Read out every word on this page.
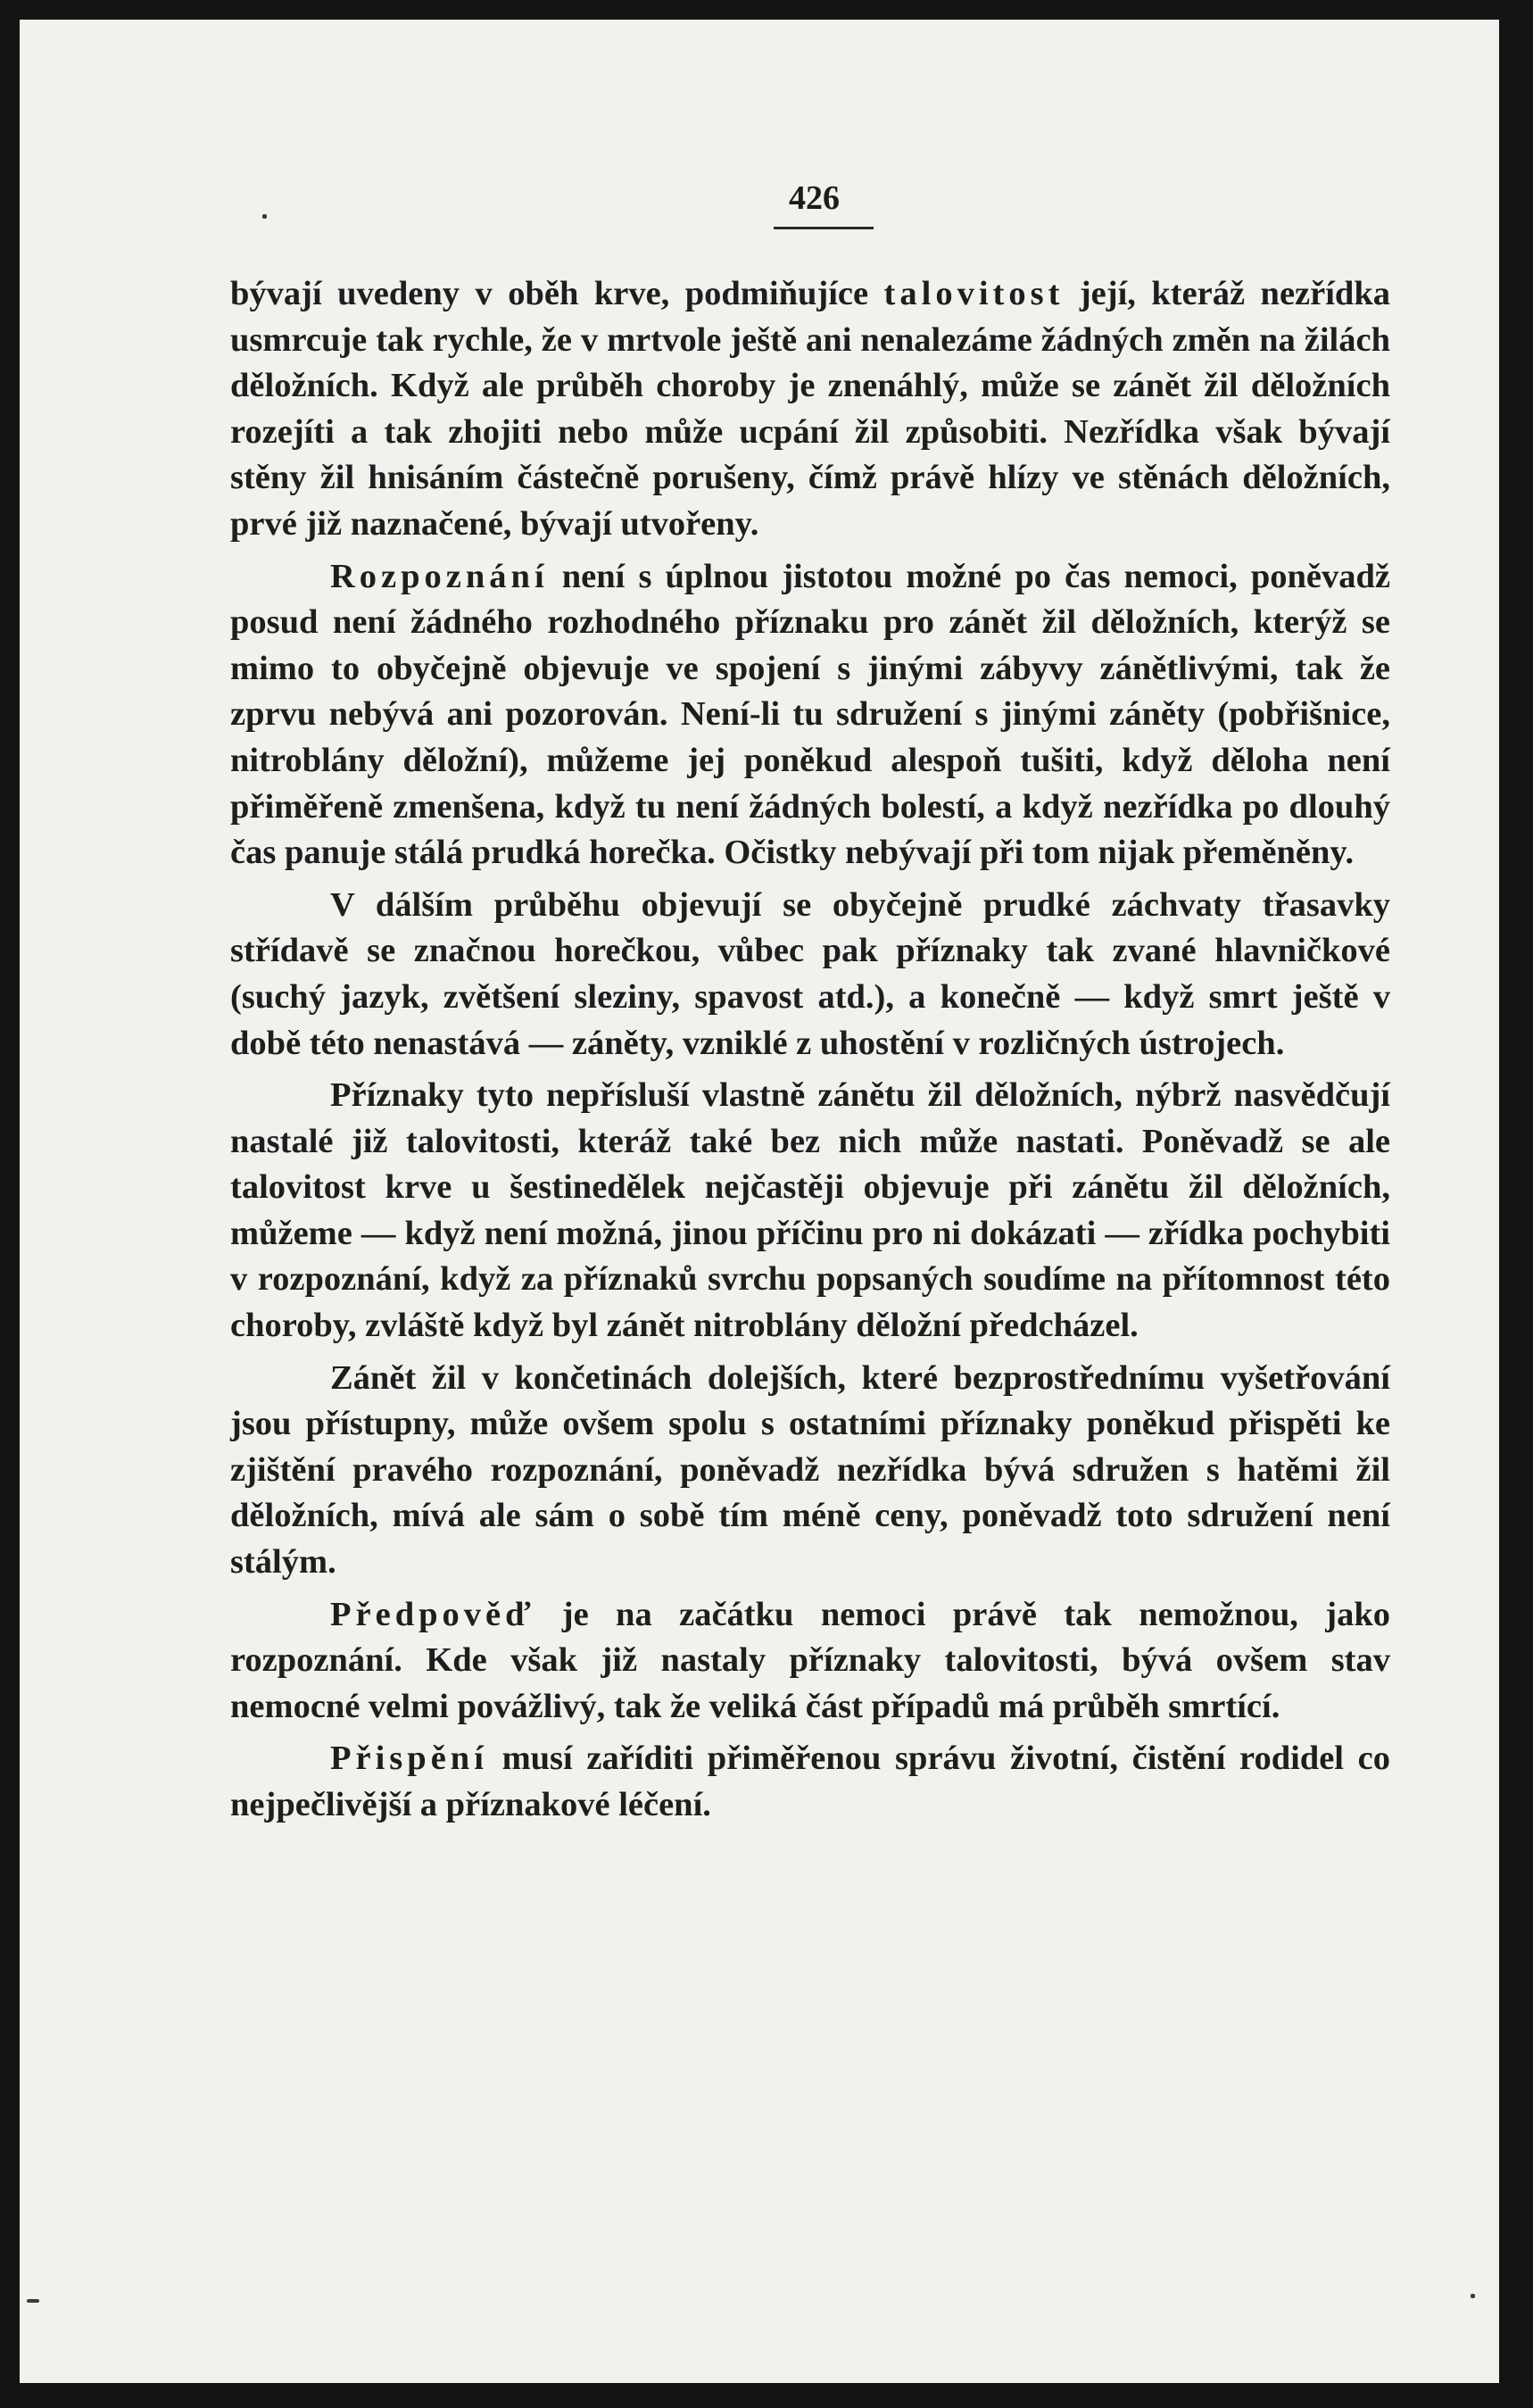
426

bývají uvedeny v oběh krve, podmiňujíce talovitost její, kteráž nezřídka usmrcuje tak rychle, že v mrtvole ještě ani nenalezáme žádných změn na žilách děložních. Když ale průběh choroby je znenáhlý, může se zánět žil děložních rozejíti a tak zhojiti nebo může ucpání žil způsobiti. Nezřídka však bývají stěny žil hnisáním částečně porušeny, čímž právě hlízy ve stěnách děložních, prvé již naznačené, bývají utvořeny.

Rozpoznání není s úplnou jistotou možné po čas nemoci, poněvadž posud není žádného rozhodného příznaku pro zánět žil děložních, kterýž se mimo to obyčejně objevuje ve spojení s jinými zábyvy zánětlivými, tak že zprvu nebývá ani pozorován. Není-li tu sdružení s jinými záněty (pobřišnice, nitroblány děložní), můžeme jej poněkud alespoň tušiti, když děloha není přiměřeně zmenšena, když tu není žádných bolestí, a když nezřídka po dlouhý čas panuje stálá prudká horečka. Očistky nebývají při tom nijak přeměněny.

V dálším průběhu objevují se obyčejně prudké záchvaty třasavky střídavě se značnou horečkou, vůbec pak příznaky tak zvané hlavničkové (suchý jazyk, zvětšení sleziny, spavost atd.), a konečně — když smrt ještě v době této nenastává — záněty, vzniklé z uhostění v rozličných ústrojech.

Příznaky tyto nepřísluší vlastně zánětu žil děložních, nýbrž nasvědčují nastalé již talovitosti, kteráž také bez nich může nastati. Poněvadž se ale talovitost krve u šestinedělek nejčastěji objevuje při zánětu žil děložních, můžeme — když není možná, jinou příčinu pro ni dokázati — zřídka pochybiti v rozpoznání, když za příznaků svrchu popsaných soudíme na přítomnost této choroby, zvláště když byl zánět nitroblány děložní předcházel.

Zánět žil v končetinách dolejších, které bezprostřednímu vyšetřování jsou přístupny, může ovšem spolu s ostatními příznaky poněkud přispěti ke zjištění pravého rozpoznání, poněvadž nezřídka bývá sdružen s hatěmi žil děložních, mívá ale sám o sobě tím méně ceny, poněvadž toto sdružení není stálým.

Předpověď je na začátku nemoci právě tak nemožnou, jako rozpoznání. Kde však již nastaly příznaky talovitosti, bývá ovšem stav nemocné velmi povážlivý, tak že veliká část případů má průběh smrtící.

Přispění musí zaříditi přiměřenou správu životní, čistění rodidel co nejpečlivější a příznakové léčení.
